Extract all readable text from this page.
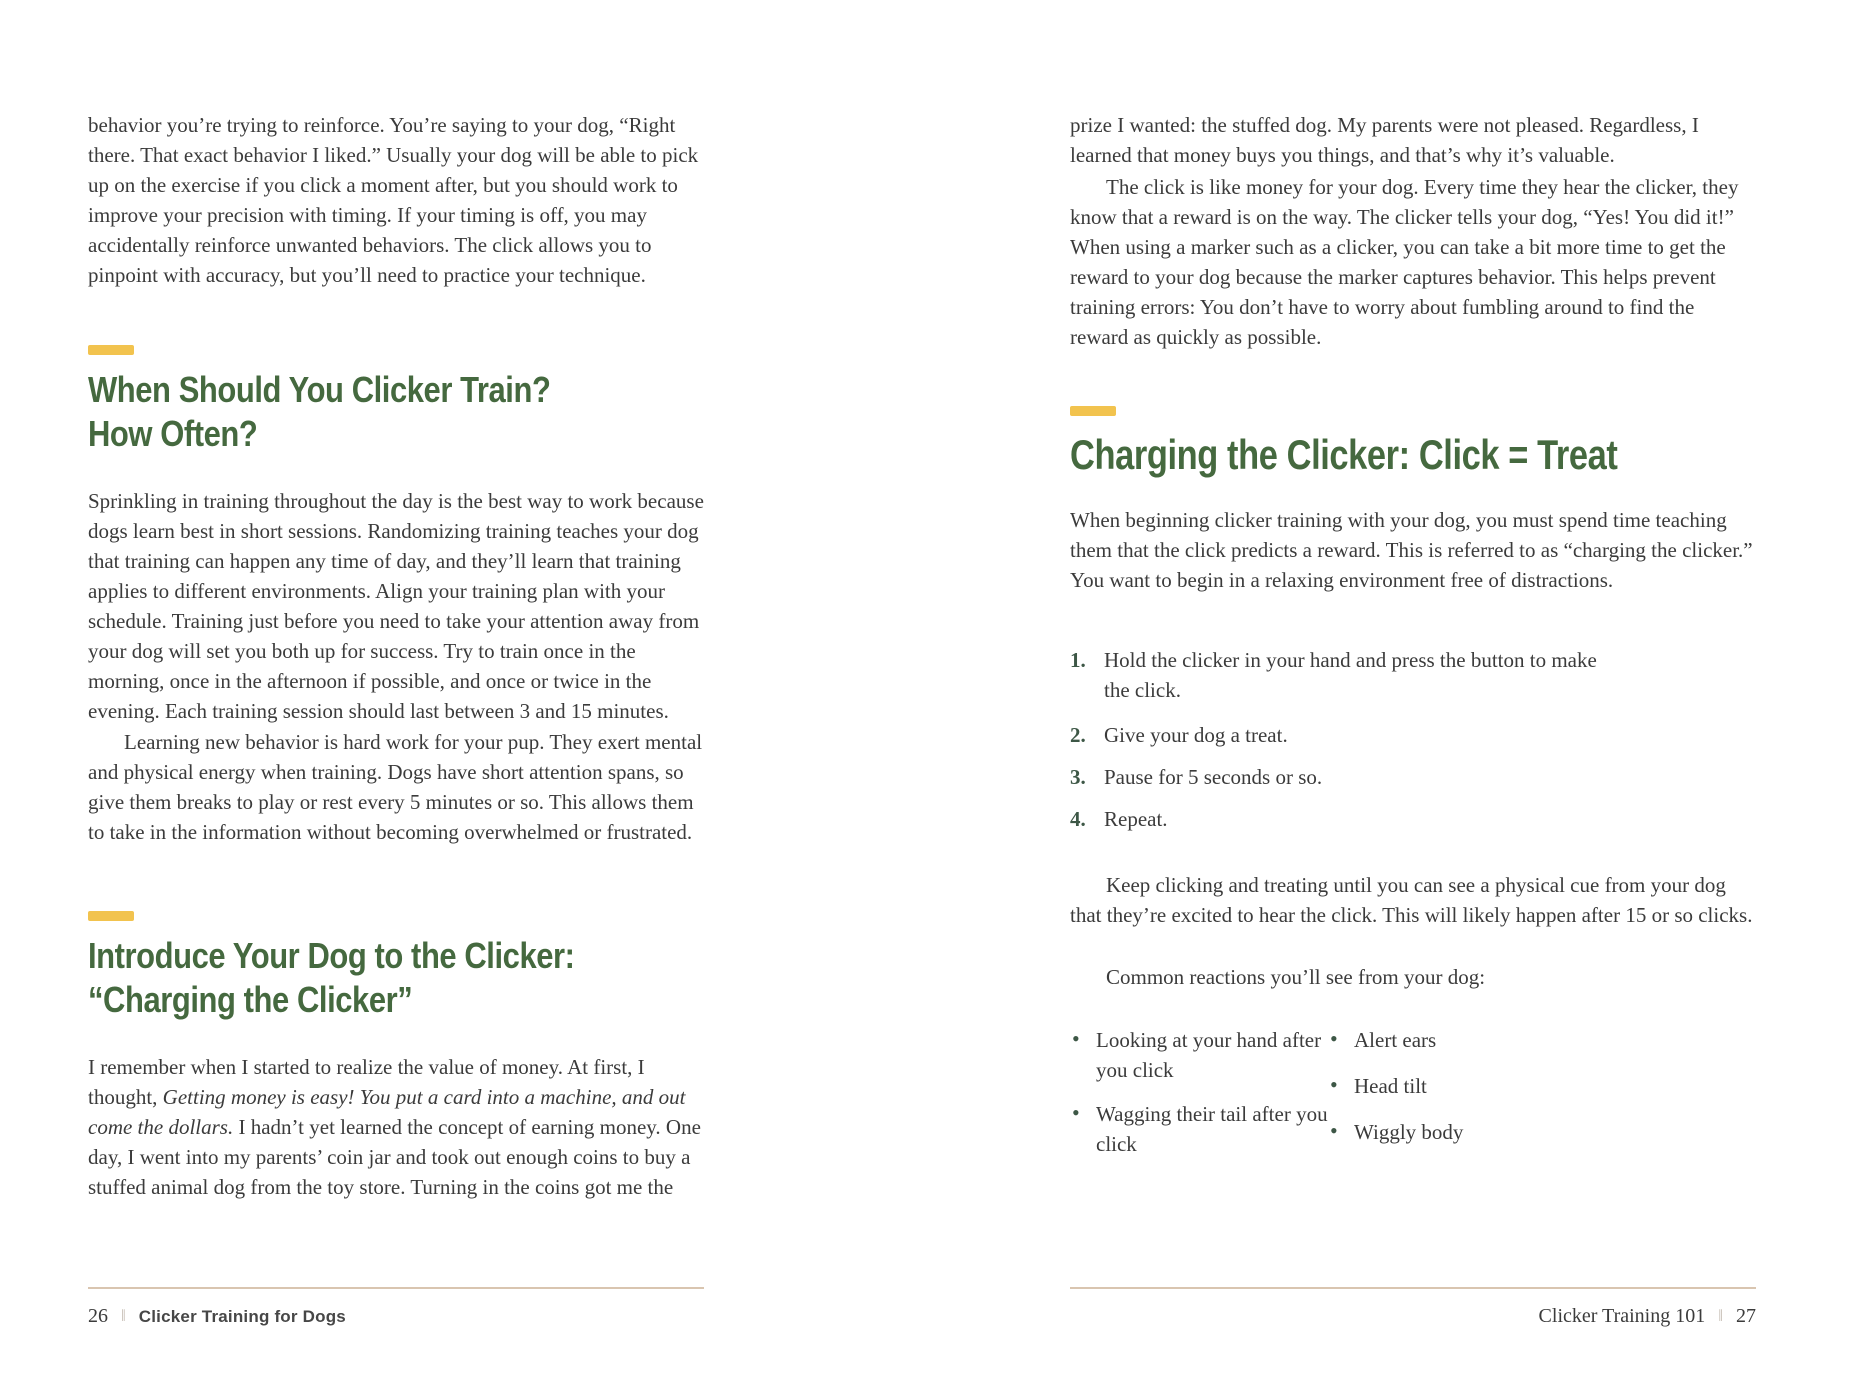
behavior you’re trying to reinforce. You’re saying to your dog, “Right there. That exact behavior I liked.” Usually your dog will be able to pick up on the exercise if you click a moment after, but you should work to improve your precision with timing. If your timing is off, you may accidentally reinforce unwanted behaviors. The click allows you to pinpoint with accuracy, but you’ll need to practice your technique.

When Should You Clicker Train?
How Often?

Sprinkling in training throughout the day is the best way to work because dogs learn best in short sessions. Randomizing training teaches your dog that training can happen any time of day, and they’ll learn that training applies to different environments. Align your training plan with your schedule. Training just before you need to take your attention away from your dog will set you both up for success. Try to train once in the morning, once in the afternoon if possible, and once or twice in the evening. Each training session should last between 3 and 15 minutes.

Learning new behavior is hard work for your pup. They exert mental and physical energy when training. Dogs have short attention spans, so give them breaks to play or rest every 5 minutes or so. This allows them to take in the information without becoming overwhelmed or frustrated.

Introduce Your Dog to the Clicker:
“Charging the Clicker”

I remember when I started to realize the value of money. At first, I thought, Getting money is easy! You put a card into a machine, and out come the dollars. I hadn’t yet learned the concept of earning money. One day, I went into my parents’ coin jar and took out enough coins to buy a stuffed animal dog from the toy store. Turning in the coins got me the

26 ‖ Clicker Training for Dogs

prize I wanted: the stuffed dog. My parents were not pleased. Regardless, I learned that money buys you things, and that’s why it’s valuable.

The click is like money for your dog. Every time they hear the clicker, they know that a reward is on the way. The clicker tells your dog, “Yes! You did it!” When using a marker such as a clicker, you can take a bit more time to get the reward to your dog because the marker captures behavior. This helps prevent training errors: You don’t have to worry about fumbling around to find the reward as quickly as possible.

Charging the Clicker: Click = Treat

When beginning clicker training with your dog, you must spend time teaching them that the click predicts a reward. This is referred to as “charging the clicker.” You want to begin in a relaxing environment free of distractions.

1. Hold the clicker in your hand and press the button to make the click.
2. Give your dog a treat.
3. Pause for 5 seconds or so.
4. Repeat.

Keep clicking and treating until you can see a physical cue from your dog that they’re excited to hear the click. This will likely happen after 15 or so clicks.

Common reactions you’ll see from your dog:

• Looking at your hand after you click
• Wagging their tail after you click
• Alert ears
• Head tilt
• Wiggly body
Clicker Training 101 ‖ 27
